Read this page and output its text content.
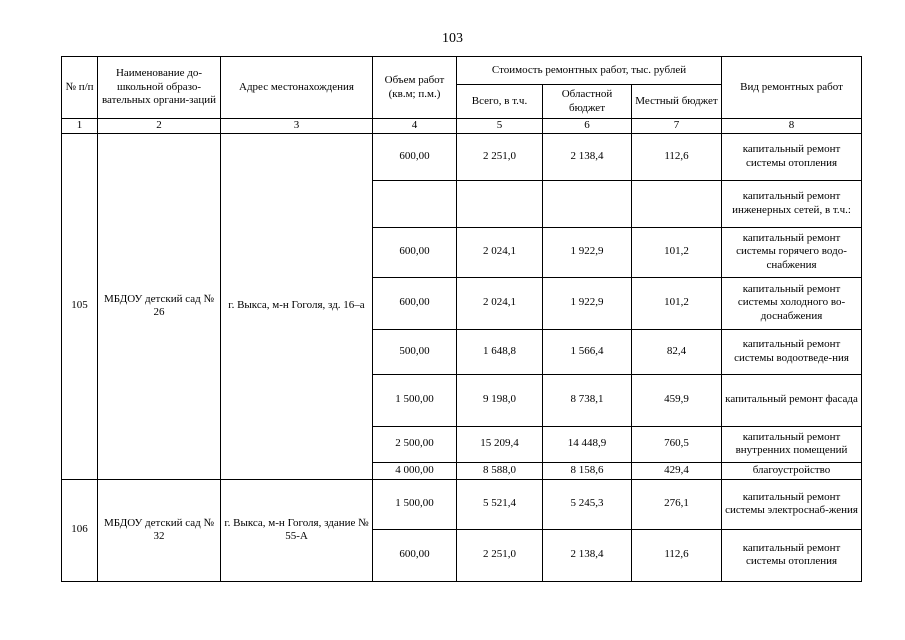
103
№ п/п	Наименование до-школьной образо-вательных органи-заций	Адрес местонахождения	Объем работ (кв.м; п.м.)	Стоимость ремонтных работ, тыс. рублей			Вид ремонтных работ
				Всего, в т.ч.	Областной бюджет	Местный бюджет	
1	2	3	4	5	6	7	8
105	МБДОУ детский сад № 26	г. Выкса, м-н Гоголя, зд. 16–а	600,00	2 251,0	2 138,4	112,6	капитальный ремонт системы отопления
							капитальный ремонт инженерных сетей, в т.ч.:
			600,00	2 024,1	1 922,9	101,2	капитальный ремонт системы горячего водо-снабжения
			600,00	2 024,1	1 922,9	101,2	капитальный ремонт системы холодного во-доснабжения
			500,00	1 648,8	1 566,4	82,4	капитальный ремонт системы водоотведе-ния
			1 500,00	9 198,0	8 738,1	459,9	капитальный ремонт фасада
			2 500,00	15 209,4	14 448,9	760,5	капитальный ремонт внутренних помещений
			4 000,00	8 588,0	8 158,6	429,4	благоустройство
106	МБДОУ детский сад № 32	г. Выкса, м-н Гоголя, здание № 55-А	1 500,00	5 521,4	5 245,3	276,1	капитальный ремонт системы электроснаб-жения
			600,00	2 251,0	2 138,4	112,6	капитальный ремонт системы отопления
